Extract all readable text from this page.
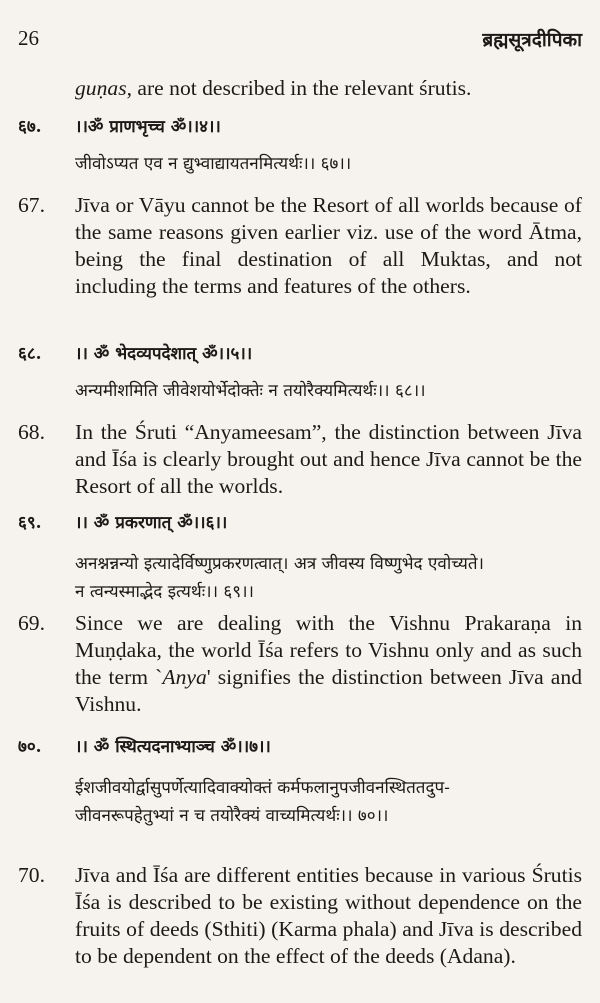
26	ब्रह्मसूत्रदीपिका
guṇas, are not described in the relevant śrutis.
६७.	।।ॐ प्राणभृच्च ॐ।।४।।
जीवोऽप्यत एव न द्युभ्वाद्यायतनमित्यर्थः।। ६७।।
67. Jīva or Vāyu cannot be the Resort of all worlds because of the same reasons given earlier viz. use of the word Ātma, being the final destination of all Muktas, and not including the terms and features of the others.
६८.	।। ॐ भेदव्यपदेशात् ॐ।।५।।
अन्यमीशमिति जीवेशयोर्भेदोक्तेः न तयोरैक्यमित्यर्थः।। ६८।।
68. In the Śruti “Anyameesam”, the distinction between Jīva and Īśa is clearly brought out and hence Jīva cannot be the Resort of all the worlds.
६९.	।। ॐ प्रकरणात् ॐ।।६।।
अनश्नन्नन्यो इत्यादेर्विष्णुप्रकरणत्वात्। अत्र जीवस्य विष्णुभेद एवोच्यते।
न त्वन्यस्माद्भेद इत्यर्थः।। ६९।।
69. Since we are dealing with the Vishnu Prakaraṇa in Muṇḍaka, the world Īśa refers to Vishnu only and as such the term `Anya' signifies the distinction between Jīva and Vishnu.
७०.	।। ॐ स्थित्यदनाभ्याञ्च ॐ।।७।।
ईशजीवयोर्द्वासुपर्णेत्यादिवाक्योक्तं कर्मफलानुपजीवनस्थिततदुप-
जीवनरूपहेतुभ्यां न च तयोरैक्यं वाच्यमित्यर्थः।। ७०।।
70. Jīva and Īśa are different entities because in various Śrutis Īśa is described to be existing without dependence on the fruits of deeds (Sthiti) (Karma phala) and Jīva is described to be dependent on the effect of the deeds (Adana).
